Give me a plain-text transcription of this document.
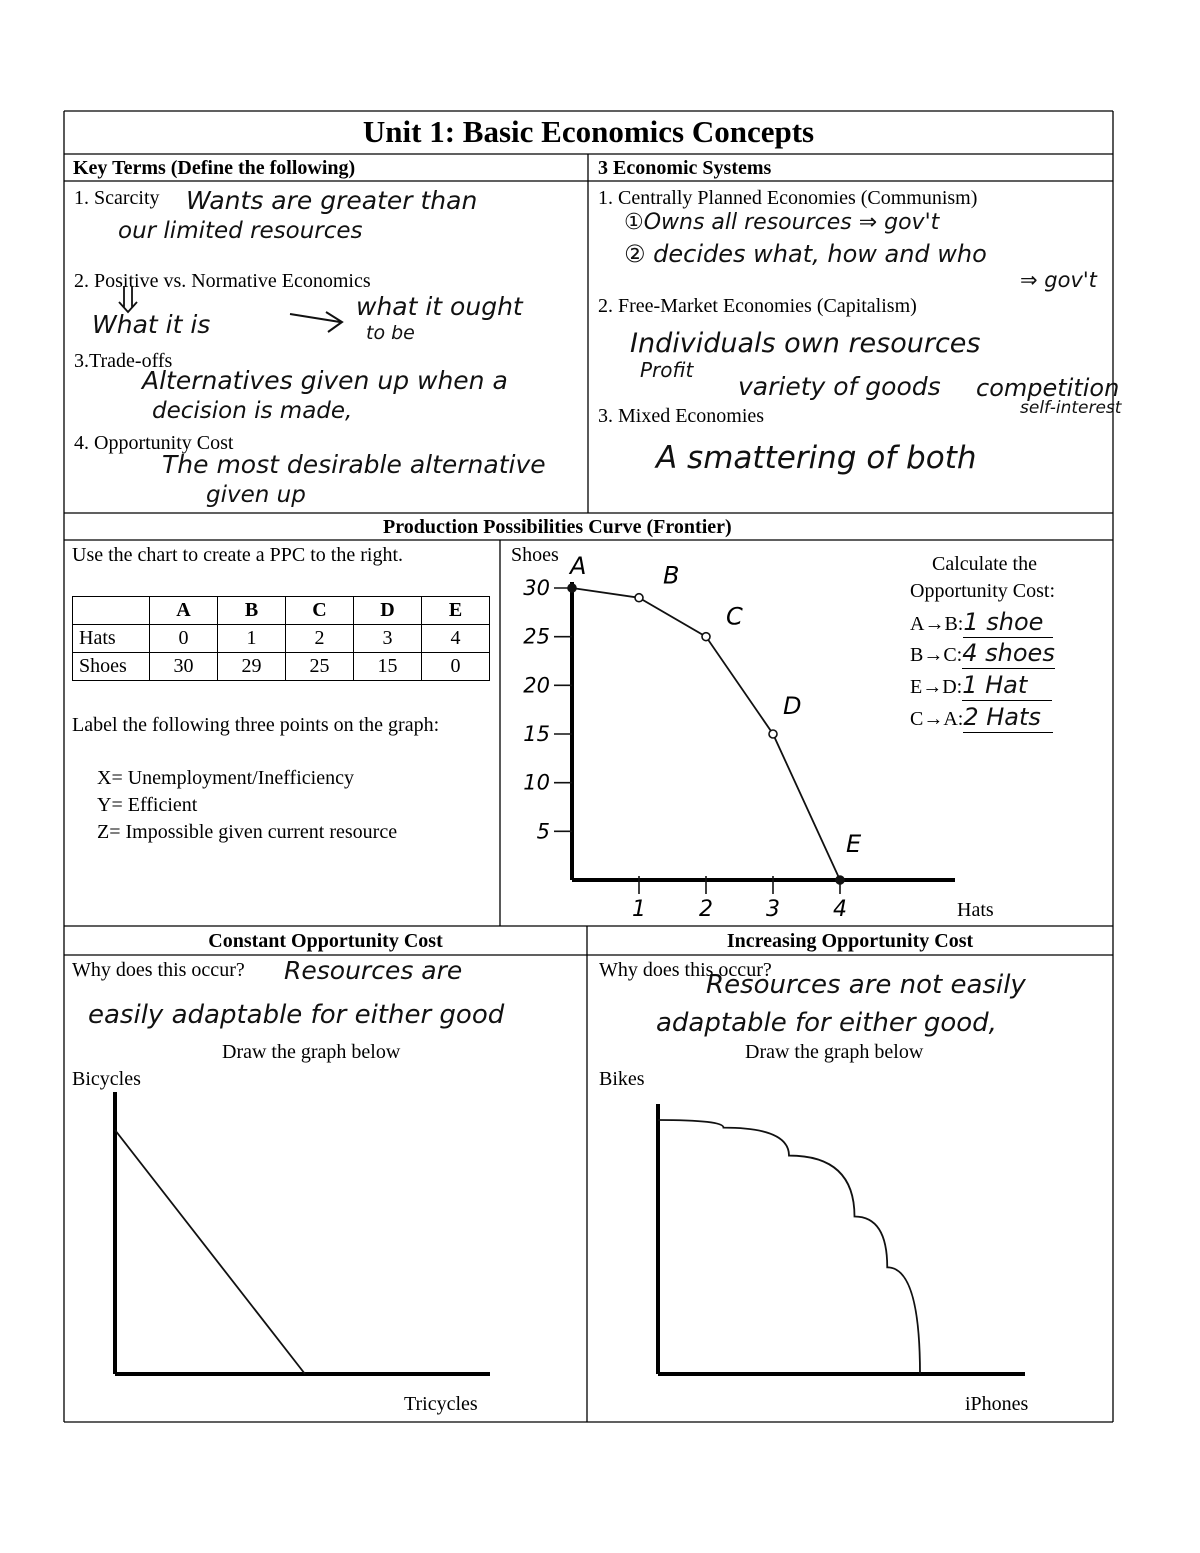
Unit 1: Basic Economics Concepts
Key Terms (Define the following)
1. Scarcity Wants are greater than
our limited resources
2. Positive vs. Normative Economics
What it is
what it ought
to be
3.Trade-offs
Alternatives given up when a
decision is made,
4. Opportunity Cost
The most desirable alternative
given up
3 Economic Systems
1. Centrally Planned Economies (Communism)
①Owns all resources ⇒ gov't
② decides what, how and who
⇒ gov't
2. Free-Market Economies (Capitalism)
Individuals own resources
Profit
variety of goods competition
self-interest
3. Mixed Economies
A smattering of both
Production Possibilities Curve (Frontier)
Use the chart to create a PPC to the right.
	A	B	C	D	E
Hats	0	1	2	3	4
Shoes	30	29	25	15	0
Label the following three points on the graph:
X= Unemployment/Inefficiency
Y= Efficient
Z= Impossible given current resource
1 2 3 4
5
10
15
20
25
30
A	B
C
D
E
Shoes
Hats
Calculate the
Opportunity Cost:
A→B:1 shoe
B→C:4 shoes
E→D:1 Hat
C→A:2 Hats
Constant Opportunity Cost
Why does this occur? Resources are
easily adaptable for either good
Draw the graph below
Bicycles
Tricycles
Increasing Opportunity Cost
Why does this occur?
Resources are not easily
adaptable for either good,
Draw the graph below
Bikes
iPhones
